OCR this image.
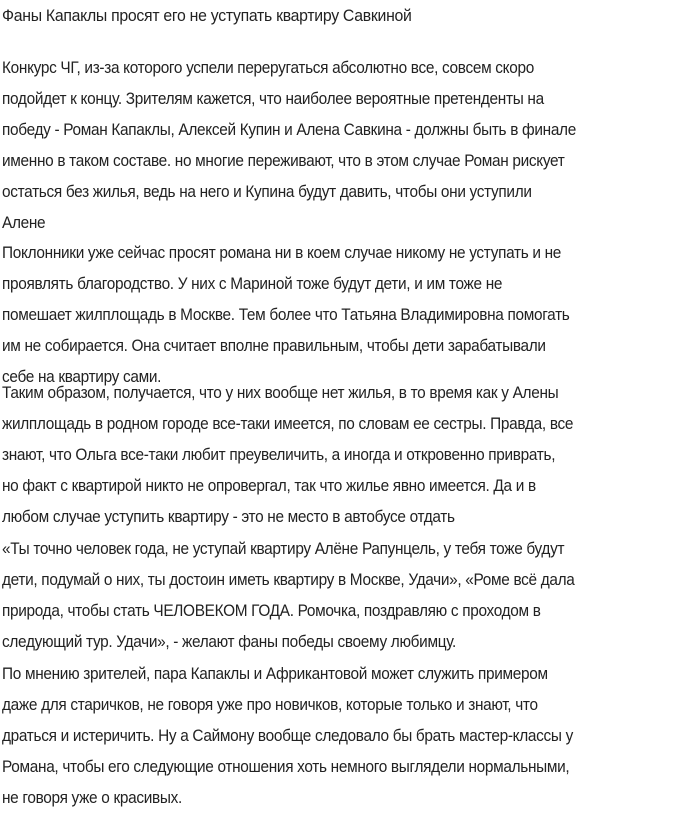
Фаны Капаклы просят его не уступать квартиру Савкиной

Конкурс ЧГ, из-за которого успели переругаться абсолютно все, совсем скоро
подойдет к концу. Зрителям кажется, что наиболее вероятные претенденты на
победу - Роман Капаклы, Алексей Купин и Алена Савкина - должны быть в финале
именно в таком составе. но многие переживают, что в этом случае Роман рискует
остаться без жилья, ведь на него и Купина будут давить, чтобы они уступили
Алене

Поклонники уже сейчас просят романа ни в коем случае никому не уступать и не
проявлять благородство. У них с Мариной тоже будут дети, и им тоже не
помешает жилплощадь в Москве. Тем более что Татьяна Владимировна помогать
им не собирается. Она считает вполне правильным, чтобы дети зарабатывали
себе на квартиру сами.

Таким образом, получается, что у них вообще нет жилья, в то время как у Алены
жилплощадь в родном городе все-таки имеется, по словам ее сестры. Правда, все
знают, что Ольга все-таки любит преувеличить, а иногда и откровенно приврать,
но факт с квартирой никто не опровергал, так что жилье явно имеется. Да и в
любом случае уступить квартиру - это не место в автобусе отдать

«Ты точно человек года, не уступай квартиру Алёне Рапунцель, у тебя тоже будут
дети, подумай о них, ты достоин иметь квартиру в Москве, Удачи», «Роме всё дала
природа, чтобы стать ЧЕЛОВЕКОМ ГОДА. Ромочка, поздравляю с проходом в
следующий тур. Удачи», - желают фаны победы своему любимцу.

По мнению зрителей, пара Капаклы и Африкантовой может служить примером
даже для старичков, не говоря уже про новичков, которые только и знают, что
драться и истеричить. Ну а Саймону вообще следовало бы брать мастер-классы у
Романа, чтобы его следующие отношения хоть немного выглядели нормальными,
не говоря уже о красивых.
